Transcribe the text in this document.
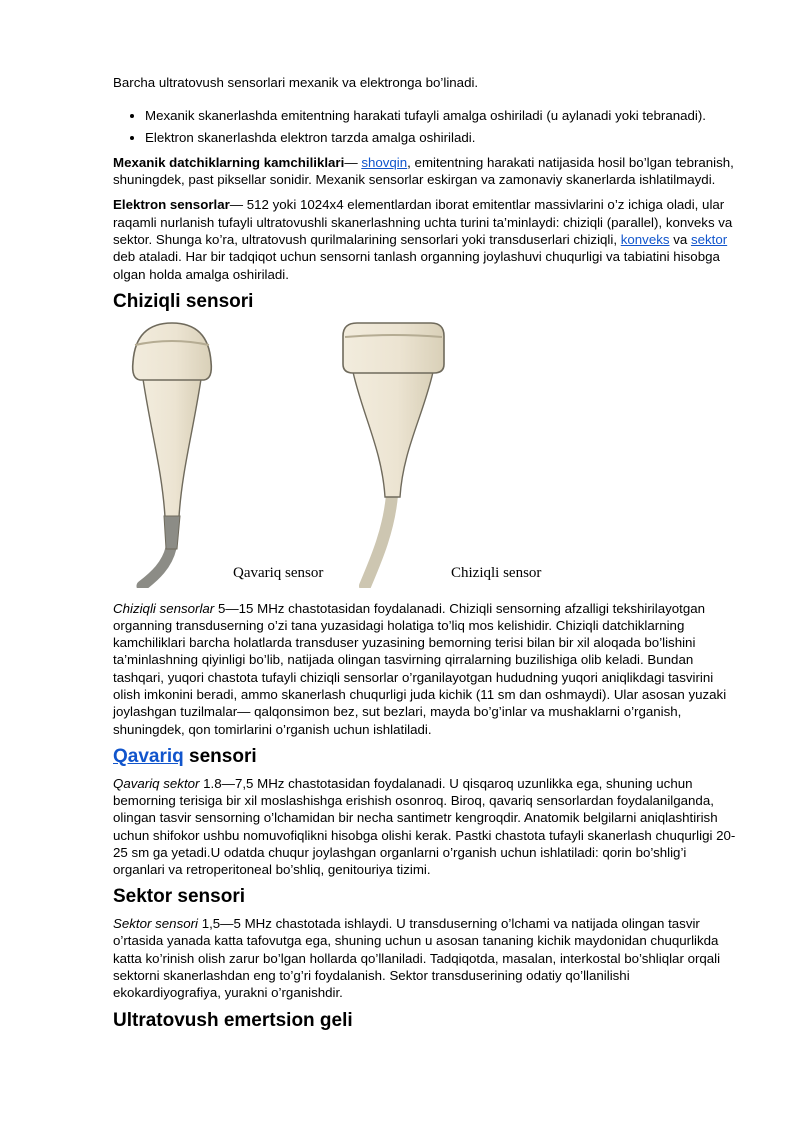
Barcha ultratovush sensorlari mexanik va elektronga bo’linadi.

• Mexanik skanerlashda emitentning harakati tufayli amalga oshiriladi (u aylanadi yoki tebranadi).
• Elektron skanerlashda elektron tarzda amalga oshiriladi.

Mexanik datchiklarning kamchiliklari— shovqin, emitentning harakati natijasida hosil bo’lgan tebranish, shuningdek, past piksellar sonidir. Mexanik sensorlar eskirgan va zamonaviy skanerlarda ishlatilmaydi.

Elektron sensorlar— 512 yoki 1024x4 elementlardan iborat emitentlar massivlarini o’z ichiga oladi, ular raqamli nurlanish tufayli ultratovushli skanerlashning uchta turini ta’minlaydi: chiziqli (parallel), konveks va sektor. Shunga ko’ra, ultratovush qurilmalarining sensorlari yoki transduserlari chiziqli, konveks va sektor deb ataladi. Har bir tadqiqot uchun sensorni tanlash organning joylashuvi chuqurligi va tabiatini hisobga olgan holda amalga oshiriladi.

Chiziqli sensori
Qavariq sensor	Chiziqli sensor

Chiziqli sensorlar 5—15 MHz chastotasidan foydalanadi. Chiziqli sensorning afzalligi tekshirilayotgan organning transduserning o’zi tana yuzasidagi holatiga to’liq mos kelishidir. Chiziqli datchiklarning kamchiliklari barcha holatlarda transduser yuzasining bemorning terisi bilan bir xil aloqada bo’lishini ta’minlashning qiyinligi bo’lib, natijada olingan tasvirning qirralarning buzilishiga olib keladi. Bundan tashqari, yuqori chastota tufayli chiziqli sensorlar o’rganilayotgan hududning yuqori aniqlikdagi tasvirini olish imkonini beradi, ammo skanerlash chuqurligi juda kichik (11 sm dan oshmaydi). Ular asosan yuzaki joylashgan tuzilmalar— qalqonsimon bez, sut bezlari, mayda bo’g’inlar va mushaklarni o’rganish, shuningdek, qon tomirlarini o’rganish uchun ishlatiladi.

Qavariq sensori

Qavariq sektor 1.8—7,5 MHz chastotasidan foydalanadi. U qisqaroq uzunlikka ega, shuning uchun bemorning terisiga bir xil moslashishga erishish osonroq. Biroq, qavariq sensorlardan foydalanilganda, olingan tasvir sensorning o’lchamidan bir necha santimetr kengroqdir. Anatomik belgilarni aniqlashtirish uchun shifokor ushbu nomuvofiqlikni hisobga olishi kerak. Pastki chastota tufayli skanerlash chuqurligi 20-25 sm ga yetadi.U odatda chuqur joylashgan organlarni o’rganish uchun ishlatiladi: qorin bo’shlig’i organlari va retroperitoneal bo’shliq, genitouriya tizimi.

Sektor sensori

Sektor sensori 1,5—5 MHz chastotada ishlaydi. U transduserning o’lchami va natijada olingan tasvir o’rtasida yanada katta tafovutga ega, shuning uchun u asosan tananing kichik maydonidan chuqurlikda katta ko’rinish olish zarur bo’lgan hollarda qo’llaniladi. Tadqiqotda, masalan, interkostal bo’shliqlar orqali sektorni skanerlashdan eng to’g’ri foydalanish. Sektor transduserining odatiy qo’llanilishi ekokardiyografiya, yurakni o’rganishdir.

Ultratovush emertsion geli
